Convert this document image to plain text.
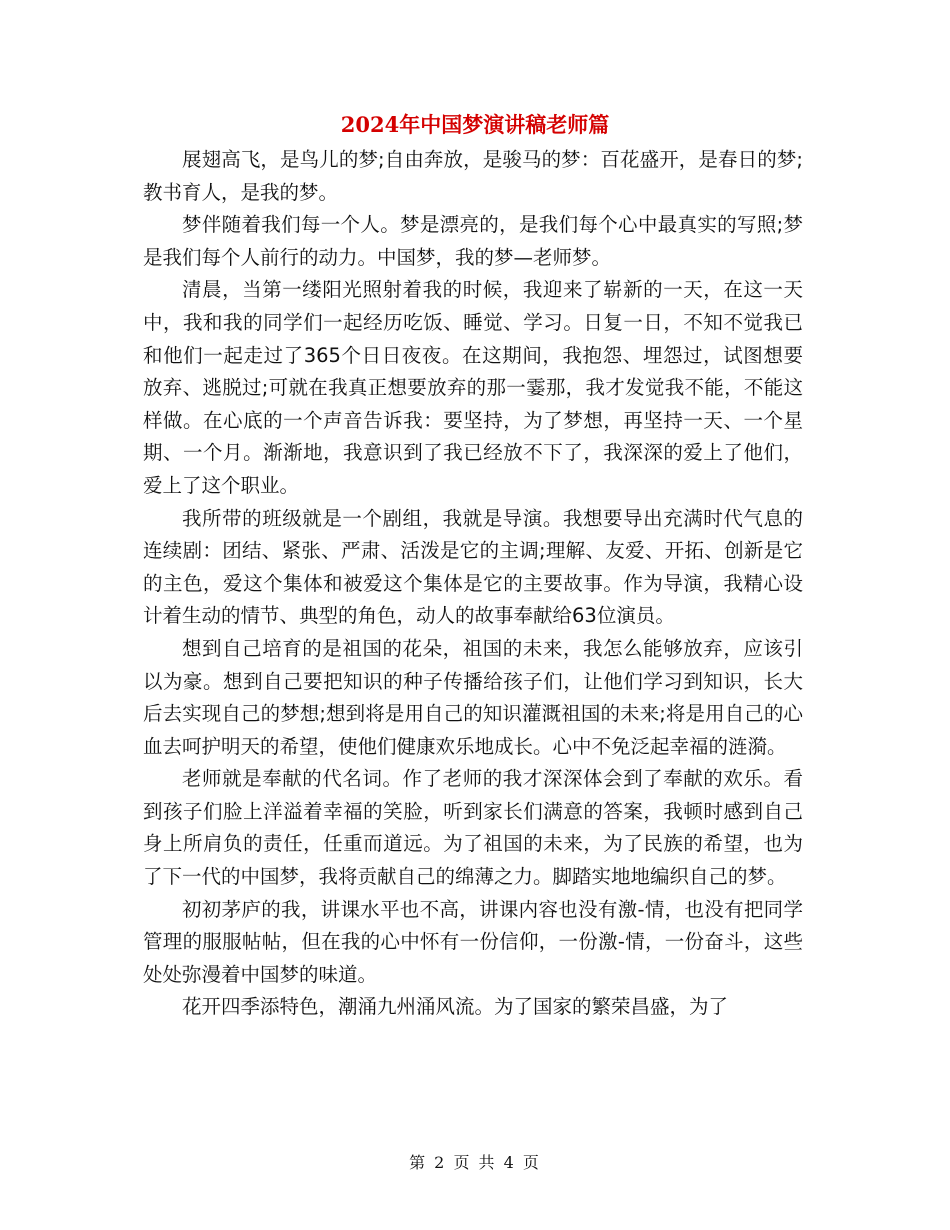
2024年中国梦演讲稿老师篇

展翅高飞，是鸟儿的梦;自由奔放，是骏马的梦：百花盛开，是春日的梦;教书育人，是我的梦。

梦伴随着我们每一个人。梦是漂亮的，是我们每个心中最真实的写照;梦是我们每个人前行的动力。中国梦，我的梦—老师梦。

清晨，当第一缕阳光照射着我的时候，我迎来了崭新的一天，在这一天中，我和我的同学们一起经历吃饭、睡觉、学习。日复一日，不知不觉我已和他们一起走过了365个日日夜夜。在这期间，我抱怨、埋怨过，试图想要放弃、逃脱过;可就在我真正想要放弃的那一霎那，我才发觉我不能，不能这样做。在心底的一个声音告诉我：要坚持，为了梦想，再坚持一天、一个星期、一个月。渐渐地，我意识到了我已经放不下了，我深深的爱上了他们，爱上了这个职业。

我所带的班级就是一个剧组，我就是导演。我想要导出充满时代气息的连续剧：团结、紧张、严肃、活泼是它的主调;理解、友爱、开拓、创新是它的主色，爱这个集体和被爱这个集体是它的主要故事。作为导演，我精心设计着生动的情节、典型的角色，动人的故事奉献给63位演员。

想到自己培育的是祖国的花朵，祖国的未来，我怎么能够放弃，应该引以为豪。想到自己要把知识的种子传播给孩子们，让他们学习到知识，长大后去实现自己的梦想;想到将是用自己的知识灌溉祖国的未来;将是用自己的心血去呵护明天的希望，使他们健康欢乐地成长。心中不免泛起幸福的涟漪。

老师就是奉献的代名词。作了老师的我才深深体会到了奉献的欢乐。看到孩子们脸上洋溢着幸福的笑脸，听到家长们满意的答案，我顿时感到自己身上所肩负的责任，任重而道远。为了祖国的未来，为了民族的希望，也为了下一代的中国梦，我将贡献自己的绵薄之力。脚踏实地地编织自己的梦。

初初茅庐的我，讲课水平也不高，讲课内容也没有激-情，也没有把同学管理的服服帖帖，但在我的心中怀有一份信仰，一份激-情，一份奋斗，这些处处弥漫着中国梦的味道。

花开四季添特色，潮涌九州涌风流。为了国家的繁荣昌盛，为了

第 2 页 共 4 页
